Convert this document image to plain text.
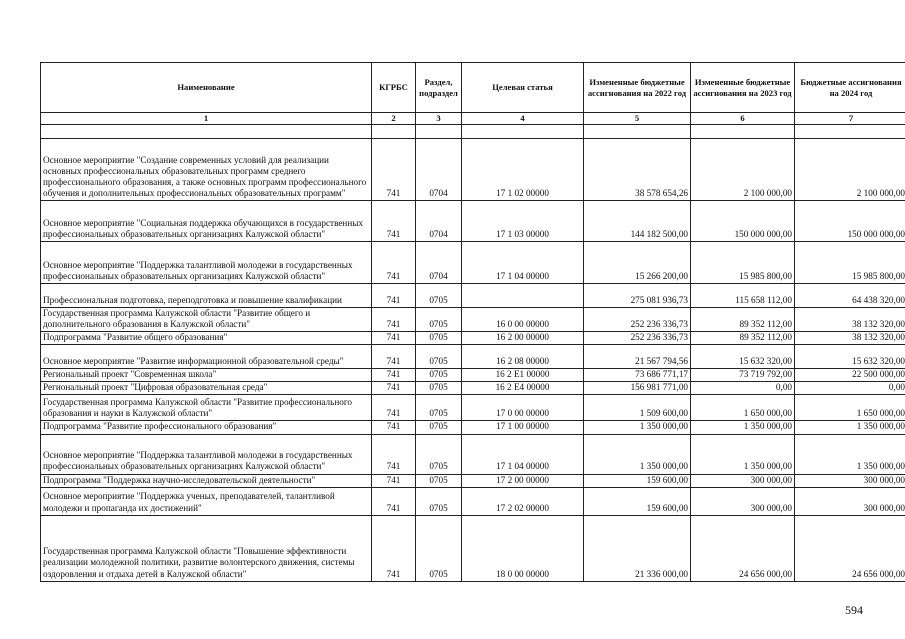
Наименование	КГРБС	Раздел, подраздел	Целевая статья	Измененные бюджетные ассигнования на 2022 год	Измененные бюджетные ассигнования на 2023 год	Бюджетные ассигнования на 2024 год
1	2	3	4	5	6	7

Основное мероприятие "Создание современных условий для реализации основных профессиональных образовательных программ среднего профессионального образования, а также основных программ профессионального обучения и дополнительных профессиональных образовательных программ"	741	0704	17 1 02 00000	38 578 654,26	2 100 000,00	2 100 000,00
Основное мероприятие "Социальная поддержка обучающихся в государственных профессиональных образовательных организациях Калужской области"	741	0704	17 1 03 00000	144 182 500,00	150 000 000,00	150 000 000,00
Основное мероприятие "Поддержка талантливой молодежи в государственных профессиональных образовательных организациях Калужской области"	741	0704	17 1 04 00000	15 266 200,00	15 985 800,00	15 985 800,00
Профессиональная подготовка, переподготовка и повышение квалификации	741	0705		275 081 936,73	115 658 112,00	64 438 320,00
Государственная программа Калужской области "Развитие общего и дополнительного образования в Калужской области"	741	0705	16 0 00 00000	252 236 336,73	89 352 112,00	38 132 320,00
Подпрограмма "Развитие общего образования"	741	0705	16 2 00 00000	252 236 336,73	89 352 112,00	38 132 320,00
Основное мероприятие "Развитие информационной образовательной среды"	741	0705	16 2 08 00000	21 567 794,56	15 632 320,00	15 632 320,00
Региональный проект "Современная школа"	741	0705	16 2 E1 00000	73 686 771,17	73 719 792,00	22 500 000,00
Региональный проект "Цифровая образовательная среда"	741	0705	16 2 E4 00000	156 981 771,00	0,00	0,00
Государственная программа Калужской области "Развитие профессионального образования и науки в Калужской области"	741	0705	17 0 00 00000	1 509 600,00	1 650 000,00	1 650 000,00
Подпрограмма "Развитие профессионального образования"	741	0705	17 1 00 00000	1 350 000,00	1 350 000,00	1 350 000,00
Основное мероприятие "Поддержка талантливой молодежи в государственных профессиональных образовательных организациях Калужской области"	741	0705	17 1 04 00000	1 350 000,00	1 350 000,00	1 350 000,00
Подпрограмма "Поддержка научно-исследовательской деятельности"	741	0705	17 2 00 00000	159 600,00	300 000,00	300 000,00
Основное мероприятие "Поддержка ученых, преподавателей, талантливой молодежи и пропаганда их достижений"	741	0705	17 2 02 00000	159 600,00	300 000,00	300 000,00
Государственная программа Калужской области "Повышение эффективности реализации молодежной политики, развитие волонтерского движения, системы оздоровления и отдыха детей в Калужской области"	741	0705	18 0 00 00000	21 336 000,00	24 656 000,00	24 656 000,00
594
